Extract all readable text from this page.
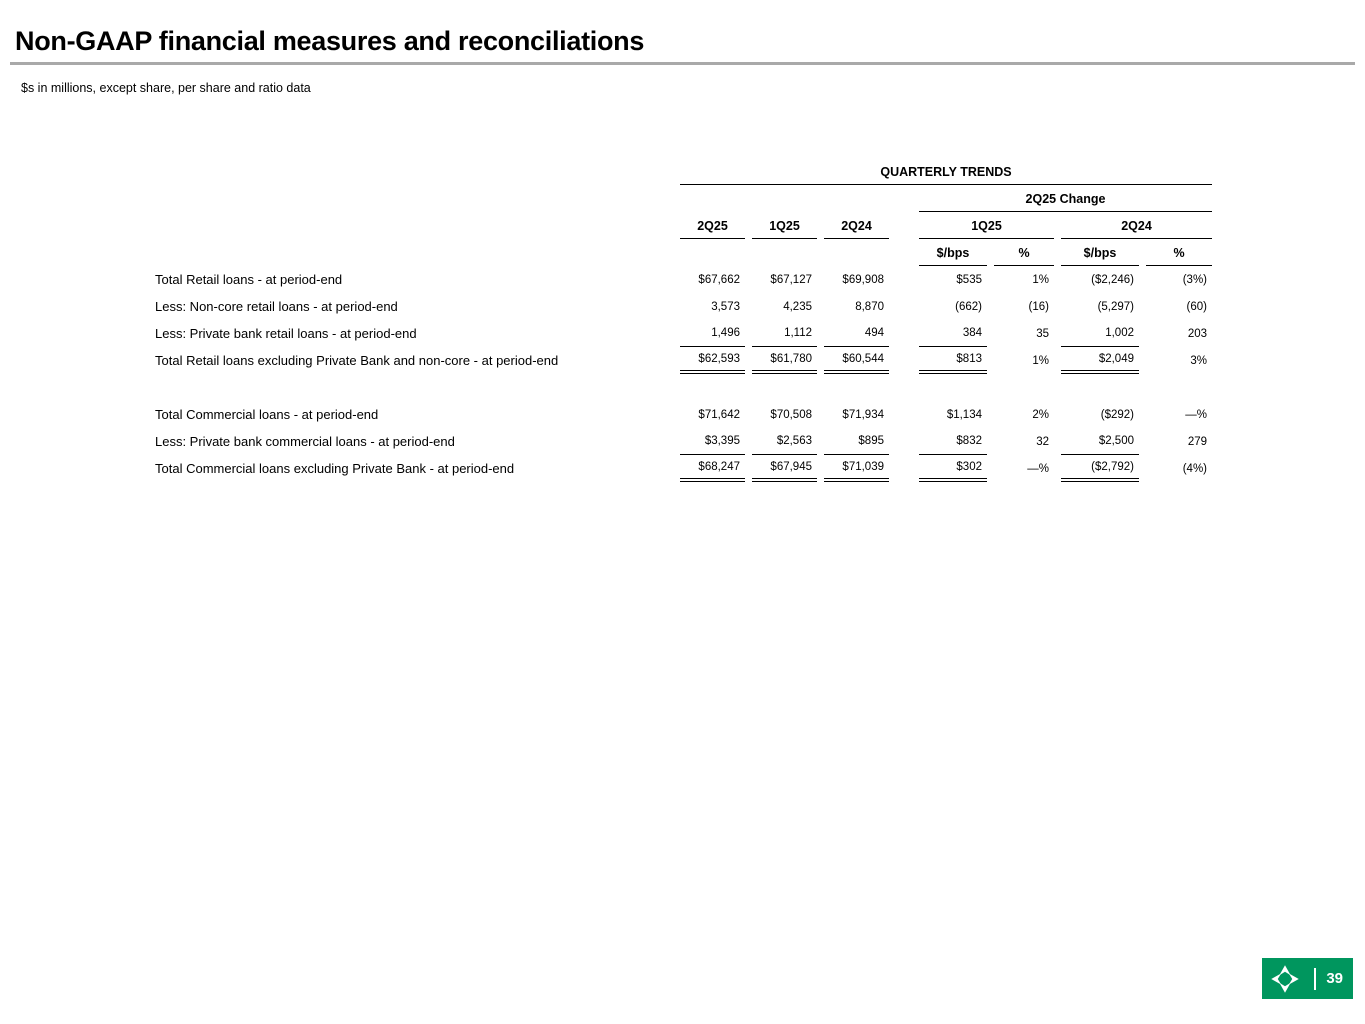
Non-GAAP financial measures and reconciliations
$s in millions, except share, per share and ratio data
	QUARTERLY TRENDS							
					2Q25 Change			
	2Q25	1Q25	2Q24		1Q25		2Q24	
					$/bps	%	$/bps	%
Total Retail loans - at period-end	$67,662	$67,127	$69,908		$535	1%	($2,246)	(3%)
Less: Non-core retail loans - at period-end	3,573	4,235	8,870		(662)	(16)	(5,297)	(60)
Less: Private bank retail loans - at period-end	1,496	1,112	494		384	35	1,002	203
Total Retail loans excluding Private Bank and non-core - at period-end	$62,593	$61,780	$60,544		$813	1%	$2,049	3%

Total Commercial loans - at period-end	$71,642	$70,508	$71,934		$1,134	2%	($292)	—%
Less: Private bank commercial loans - at period-end	$3,395	$2,563	$895		$832	32	$2,500	279
Total Commercial loans excluding Private Bank - at period-end	$68,247	$67,945	$71,039		$302	—%	($2,792)	(4%)
39
